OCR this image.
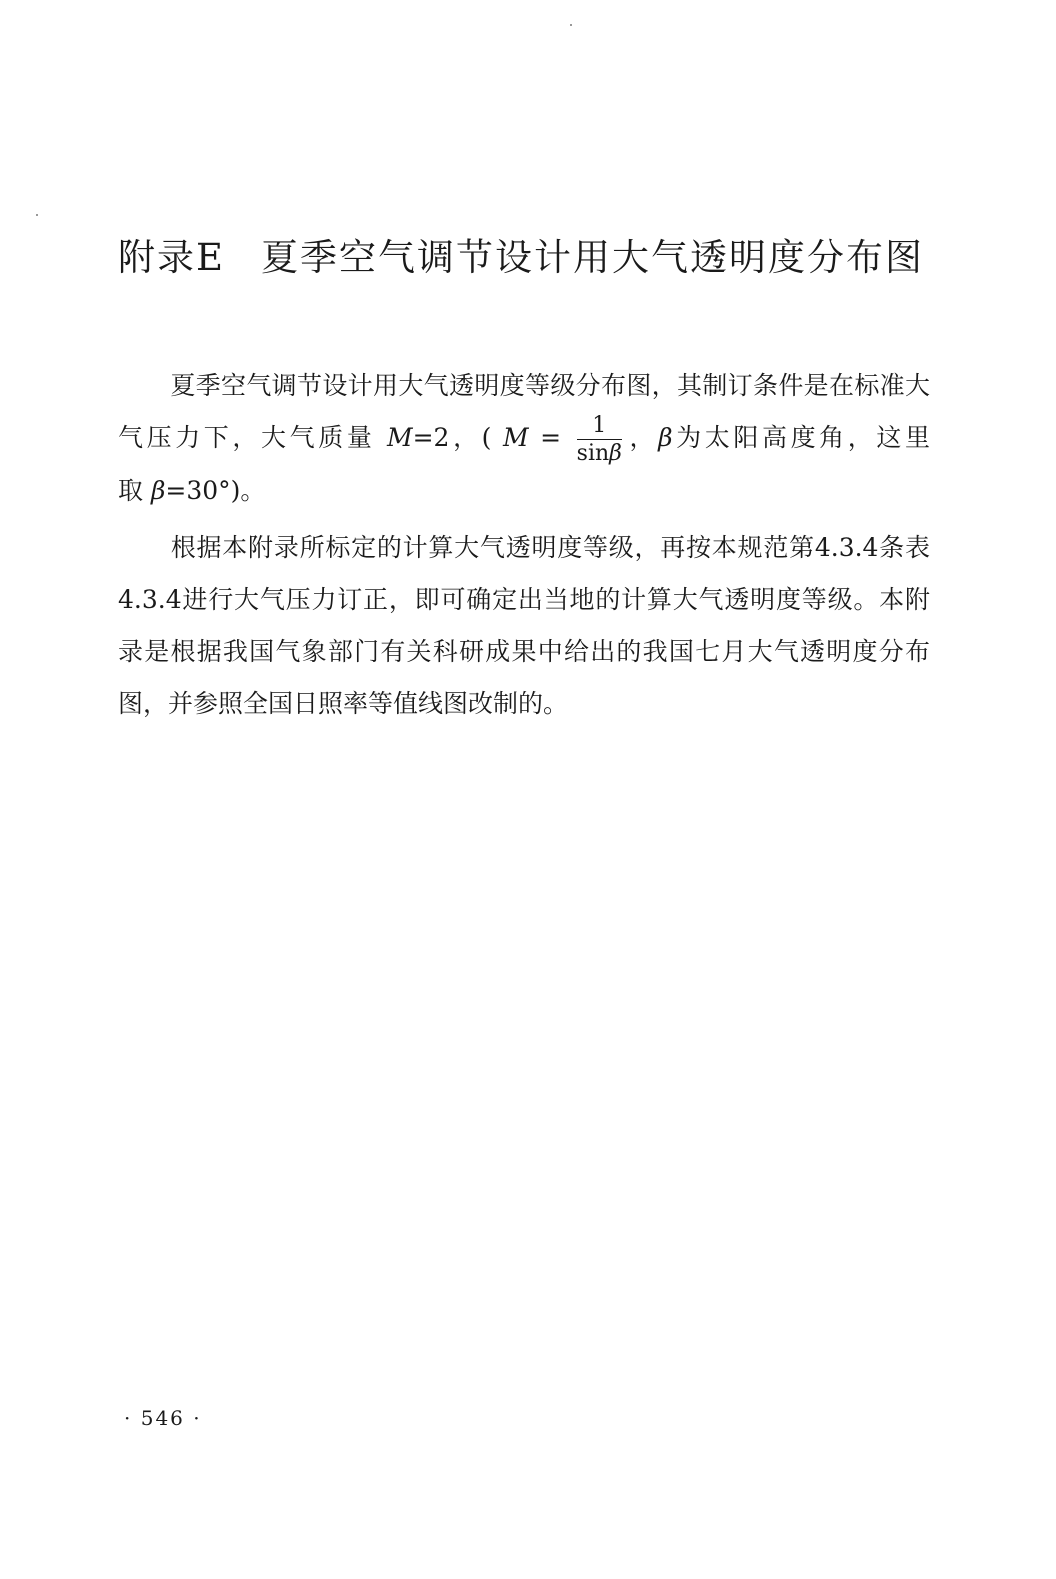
附录E 夏季空气调节设计用大气透明度分布图
夏季空气调节设计用大气透明度等级分布图，其制订条件是在标准大气压力下，大气质量 M=2，( $M = \frac{1}{\sin\beta}$ ，β为太阳高度角，这里取 β=30°)。
根据本附录所标定的计算大气透明度等级，再按本规范第4.3.4条表4.3.4进行大气压力订正，即可确定出当地的计算大气透明度等级。本附录是根据我国气象部门有关科研成果中给出的我国七月大气透明度分布图，并参照全国日照率等值线图改制的。
· 546 ·
